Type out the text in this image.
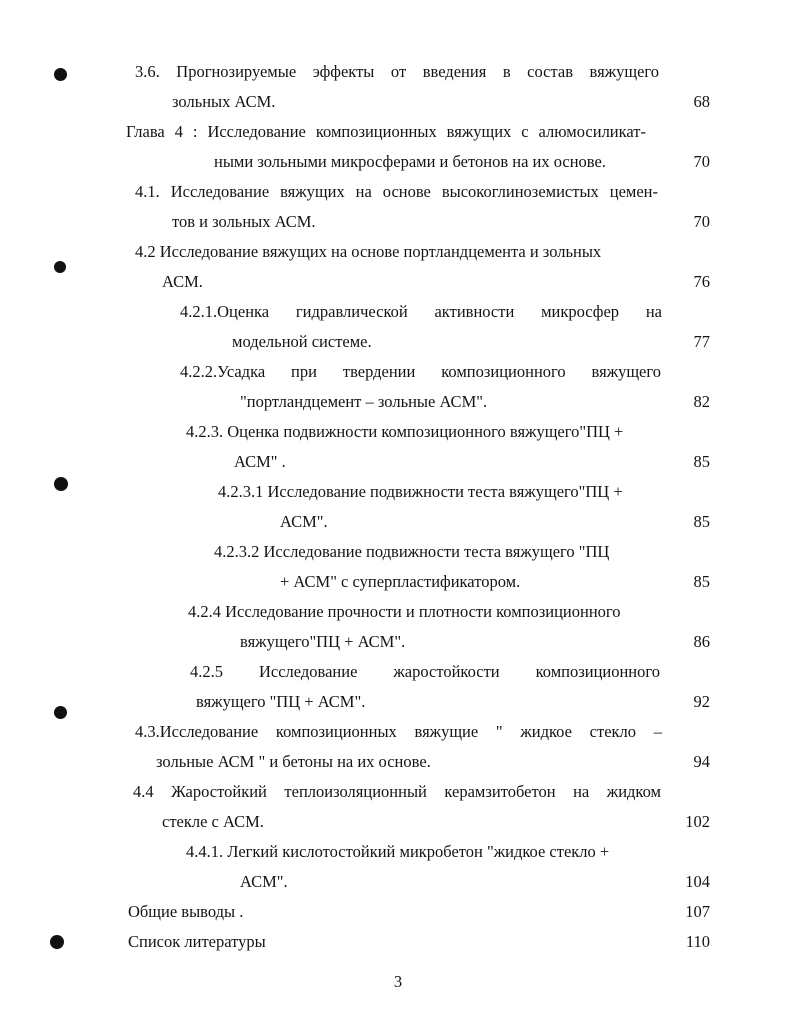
3.6. Прогнозируемые эффекты от введения в состав вяжущего
зольных АСМ.	68
Глава 4 : Исследование композиционных вяжущих с алюмосиликат-
ными зольными микросферами и бетонов на их основе.	70
4.1. Исследование вяжущих на основе высокоглиноземистых цемен-
тов и зольных АСМ.	70
4.2 Исследование вяжущих на основе портландцемента и зольных
АСМ.	76
4.2.1.Оценка гидравлической активности микросфер на
модельной системе.	77
4.2.2.Усадка при твердении композиционного вяжущего
"портландцемент – зольные АСМ".	82
4.2.3. Оценка подвижности композиционного вяжущего"ПЦ +
АСМ" .	85
4.2.3.1 Исследование подвижности теста вяжущего"ПЦ +
АСМ".	85
4.2.3.2 Исследование подвижности теста вяжущего "ПЦ
+ АСМ" с суперпластификатором.	85
4.2.4 Исследование прочности и плотности композиционного
вяжущего"ПЦ + АСМ".	86
4.2.5 Исследование жаростойкости композиционного
вяжущего "ПЦ + АСМ".	92
4.3.Исследование композиционных вяжущие " жидкое стекло –
зольные АСМ " и бетоны на их основе.	94
4.4 Жаростойкий теплоизоляционный керамзитобетон на жидком
стекле с АСМ.	102
4.4.1. Легкий кислотостойкий микробетон "жидкое стекло +
АСМ".	104
Общие выводы .	107
Список литературы	110
3
